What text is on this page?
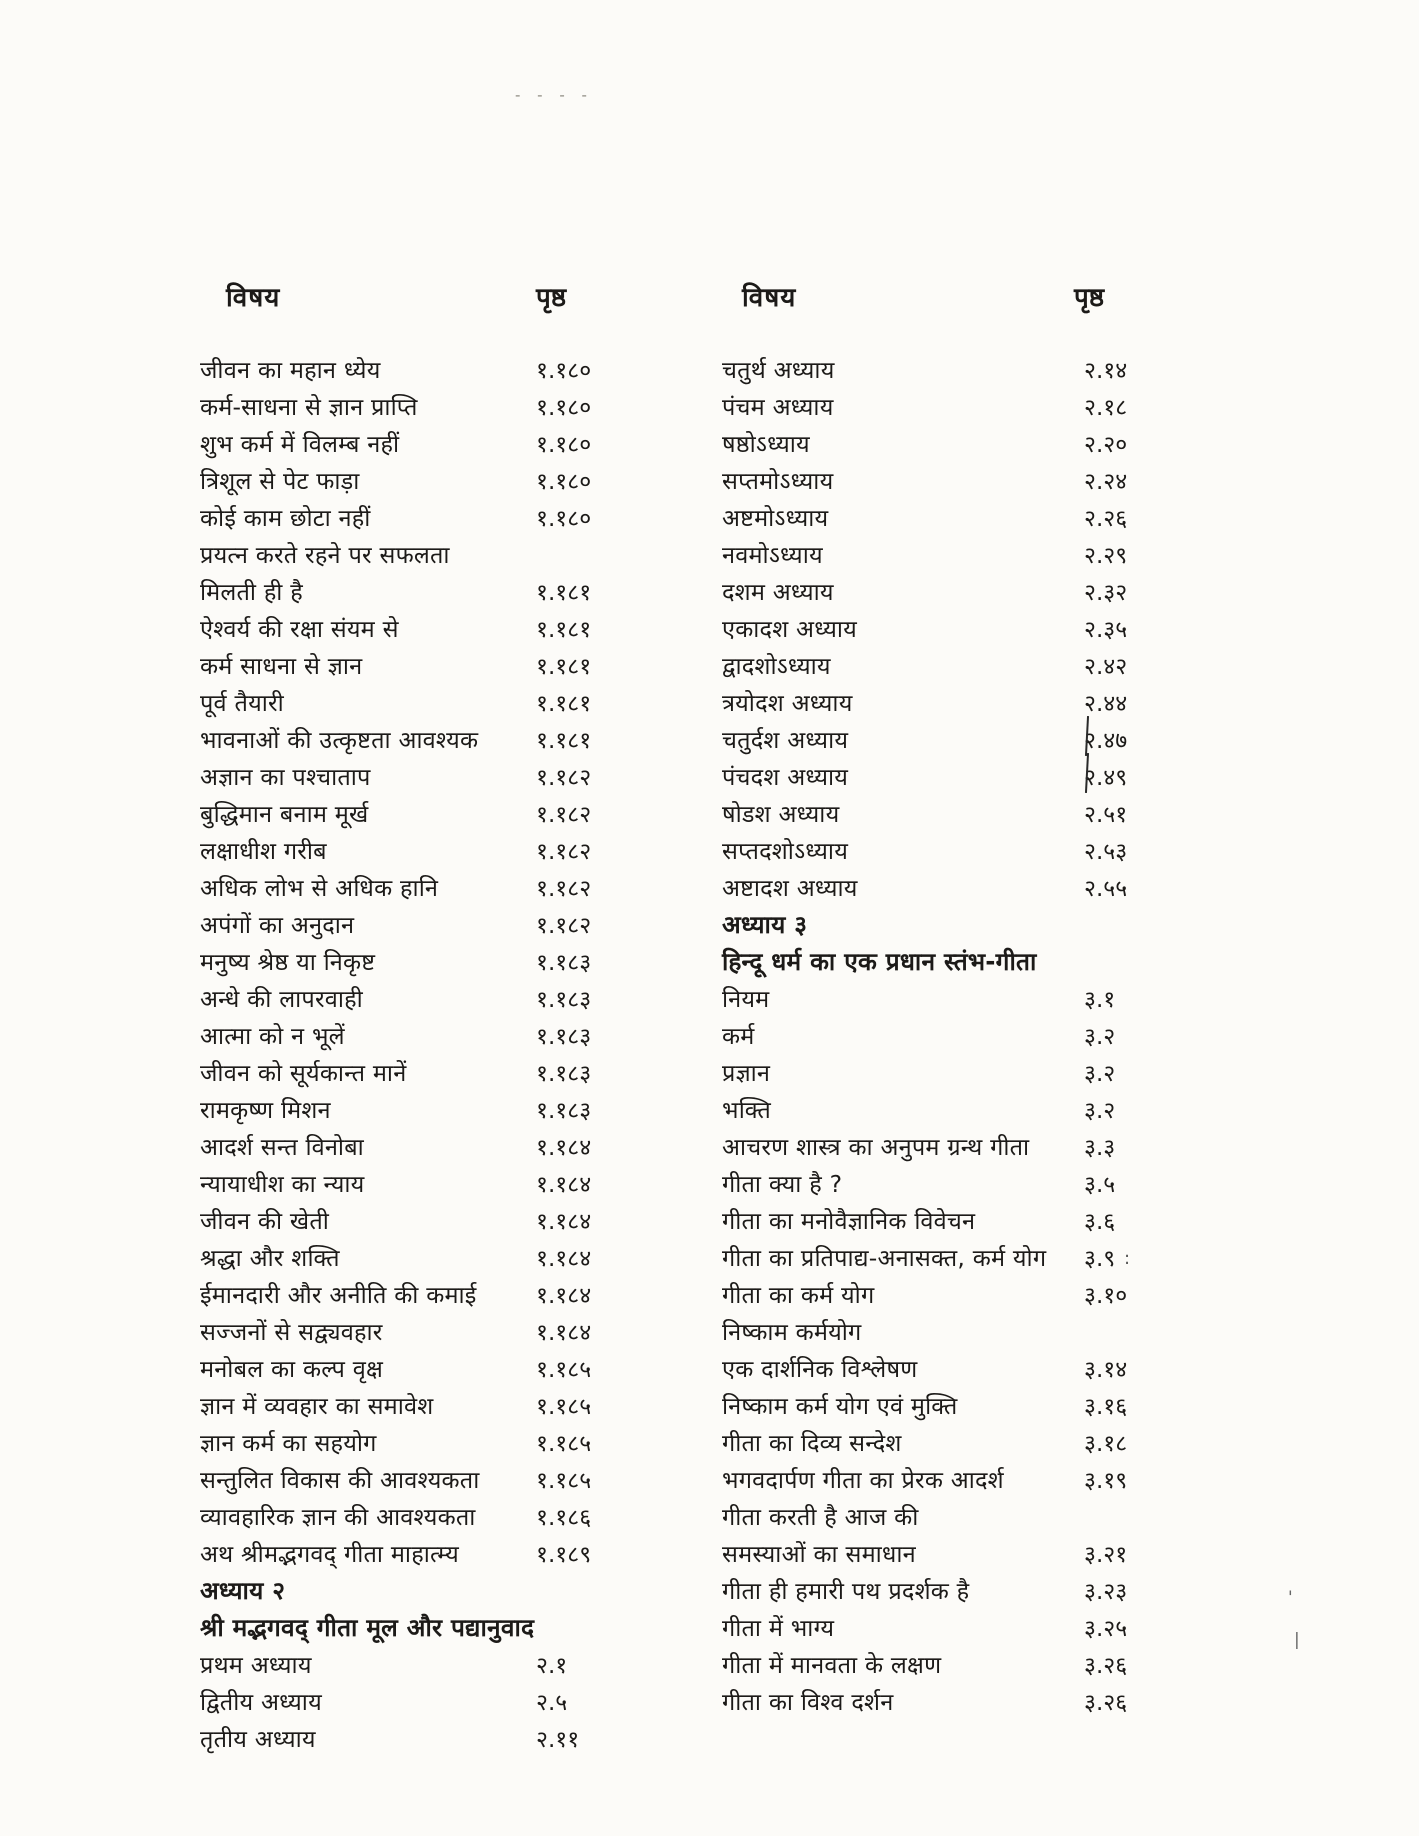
- - - -
:
'
|
विषय	पृष्ठ
जीवन का महान ध्येय	१.१८०
कर्म-साधना से ज्ञान प्राप्ति	१.१८०
शुभ कर्म में विलम्ब नहीं	१.१८०
त्रिशूल से पेट फाड़ा	१.१८०
कोई काम छोटा नहीं	१.१८०
प्रयत्न करते रहने पर सफलता
मिलती ही है	१.१८१
ऐश्वर्य की रक्षा संयम से	१.१८१
कर्म साधना से ज्ञान	१.१८१
पूर्व तैयारी	१.१८१
भावनाओं की उत्कृष्टता आवश्यक	१.१८१
अज्ञान का पश्चाताप	१.१८२
बुद्धिमान बनाम मूर्ख	१.१८२
लक्षाधीश गरीब	१.१८२
अधिक लोभ से अधिक हानि	१.१८२
अपंगों का अनुदान	१.१८२
मनुष्य श्रेष्ठ या निकृष्ट	१.१८३
अन्धे की लापरवाही	१.१८३
आत्मा को न भूलें	१.१८३
जीवन को सूर्यकान्त मानें	१.१८३
रामकृष्ण मिशन	१.१८३
आदर्श सन्त विनोबा	१.१८४
न्यायाधीश का न्याय	१.१८४
जीवन की खेती	१.१८४
श्रद्धा और शक्ति	१.१८४
ईमानदारी और अनीति की कमाई	१.१८४
सज्जनों से सद्व्यवहार	१.१८४
मनोबल का कल्प वृक्ष	१.१८५
ज्ञान में व्यवहार का समावेश	१.१८५
ज्ञान कर्म का सहयोग	१.१८५
सन्तुलित विकास की आवश्यकता	१.१८५
व्यावहारिक ज्ञान की आवश्यकता	१.१८६
अथ श्रीमद्भगवद् गीता माहात्म्य	१.१८९
अध्याय २
श्री मद्भगवद् गीता मूल और पद्यानुवाद
प्रथम अध्याय	२.१
द्वितीय अध्याय	२.५
तृतीय अध्याय	२.११
विषय	पृष्ठ
चतुर्थ अध्याय	२.१४
पंचम अध्याय	२.१८
षष्ठोऽध्याय	२.२०
सप्तमोऽध्याय	२.२४
अष्टमोऽध्याय	२.२६
नवमोऽध्याय	२.२९
दशम अध्याय	२.३२
एकादश अध्याय	२.३५
द्वादशोऽध्याय	२.४२
त्रयोदश अध्याय	२.४४
चतुर्दश अध्याय	२.४७
पंचदश अध्याय	२.४९
षोडश अध्याय	२.५१
सप्तदशोऽध्याय	२.५३
अष्टादश अध्याय	२.५५
अध्याय ३
हिन्दू धर्म का एक प्रधान स्तंभ-गीता
नियम	३.१
कर्म	३.२
प्रज्ञान	३.२
भक्ति	३.२
आचरण शास्त्र का अनुपम ग्रन्थ गीता	३.३
गीता क्या है ?	३.५
गीता का मनोवैज्ञानिक विवेचन	३.६
गीता का प्रतिपाद्य-अनासक्त, कर्म योग	३.९
गीता का कर्म योग	३.१०
निष्काम कर्मयोग
एक दार्शनिक विश्लेषण	३.१४
निष्काम कर्म योग एवं मुक्ति	३.१६
गीता का दिव्य सन्देश	३.१८
भगवदार्पण गीता का प्रेरक आदर्श	३.१९
गीता करती है आज की
समस्याओं का समाधान	३.२१
गीता ही हमारी पथ प्रदर्शक है	३.२३
गीता में भाग्य	३.२५
गीता में मानवता के लक्षण	३.२६
गीता का विश्व दर्शन	३.२६
